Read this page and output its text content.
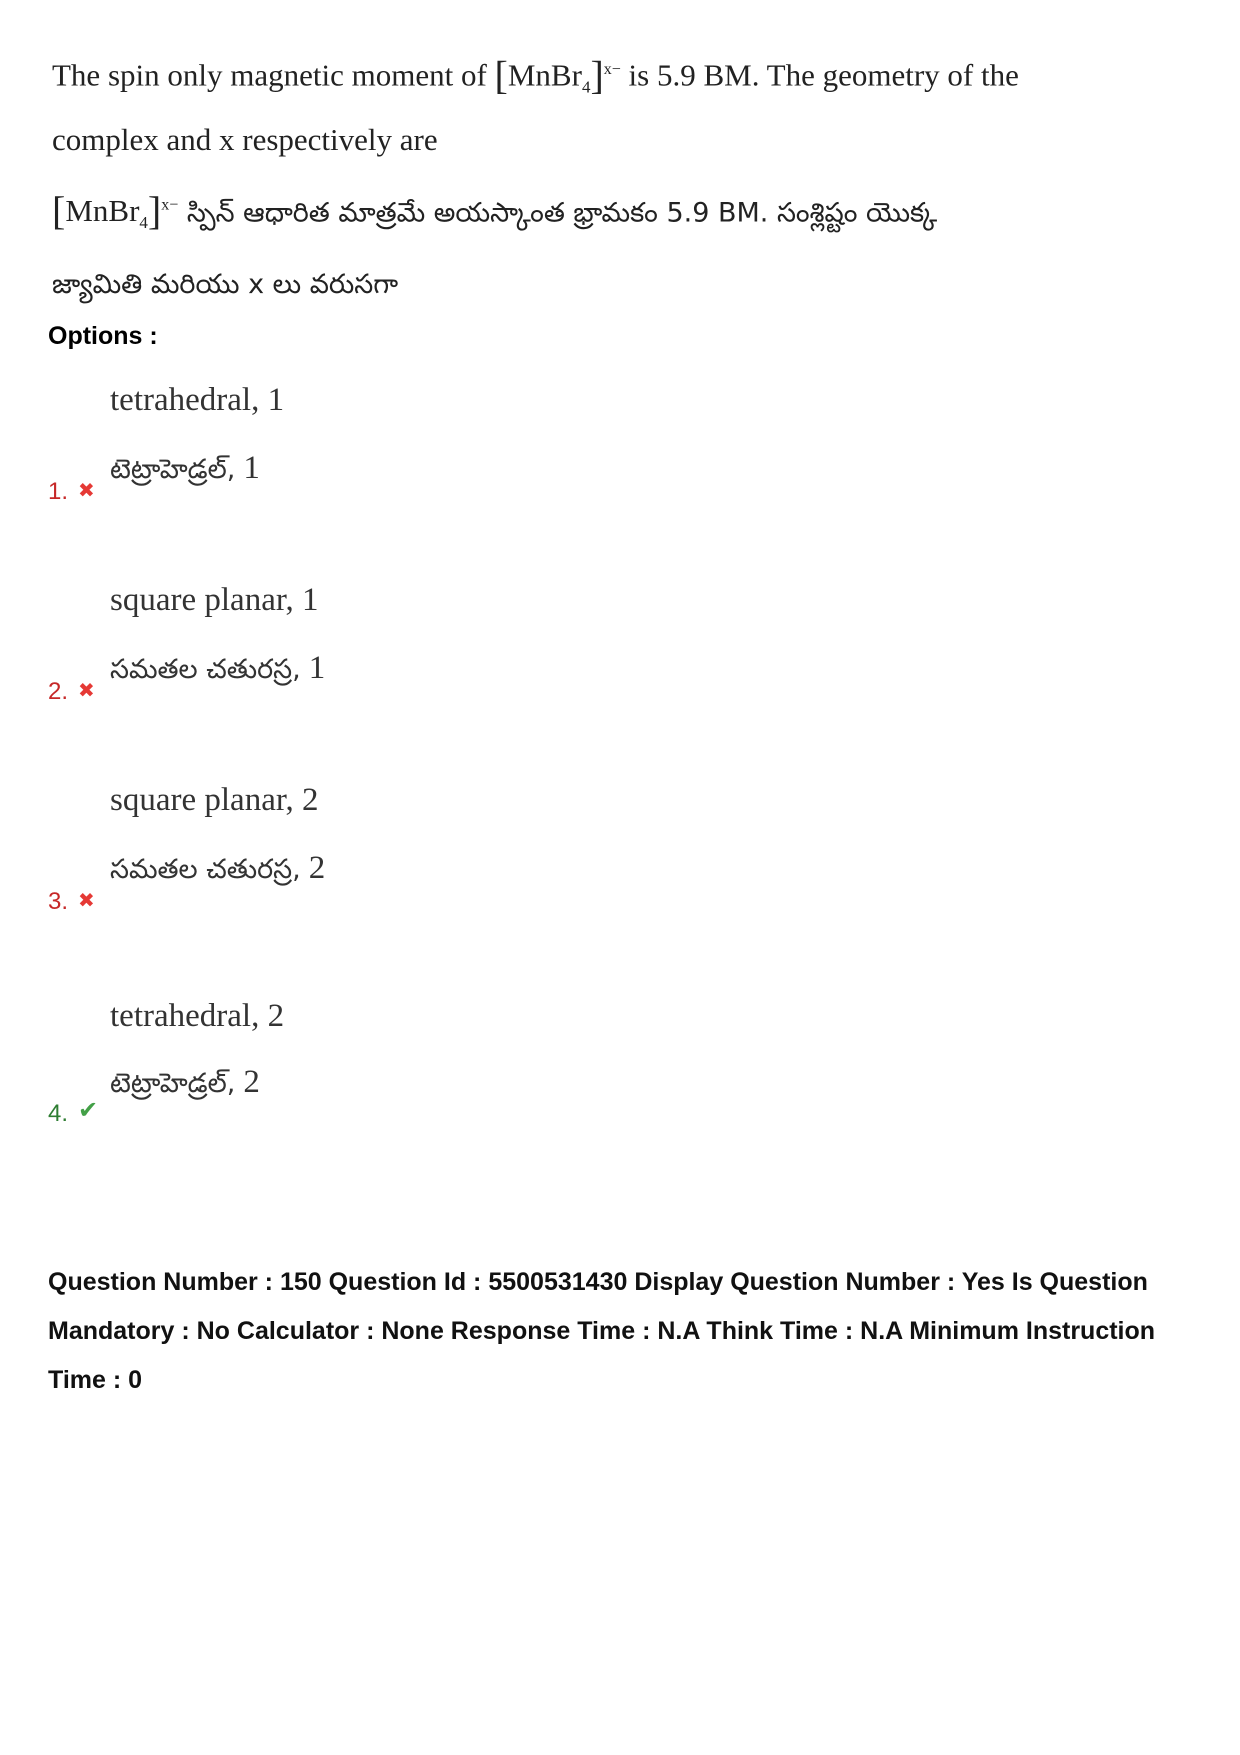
The spin only magnetic moment of [MnBr$_4$]$^{x-}$ is 5.9 BM. The geometry of the
complex and x respectively are
[MnBr$_4$]$^{x-}$ స్పిన్ ఆధారిత మాత్రమే అయస్కాంత భ్రామకం 5.9 BM. సంశ్లిష్టం యొక్క
జ్యామితి మరియు x లు వరుసగా
Options :
tetrahedral, 1
టెట్రాహెడ్రల్, 1
1. ✖
square planar, 1
సమతల చతురస్ర, 1
2. ✖
square planar, 2
సమతల చతురస్ర, 2
3. ✖
tetrahedral, 2
టెట్రాహెడ్రల్, 2
4. ✔
Question Number : 150 Question Id : 5500531430 Display Question Number : Yes Is Question Mandatory : No Calculator : None Response Time : N.A Think Time : N.A Minimum Instruction Time : 0
